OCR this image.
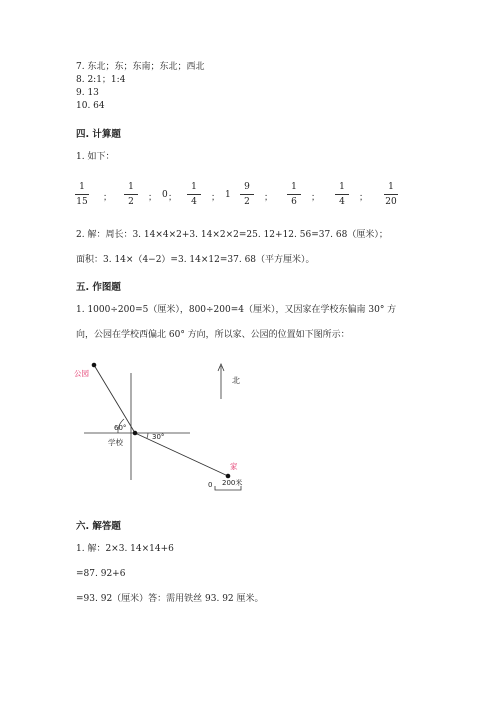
7. 东北；东；东南；东北；西北
8. 2:1；1:4
9. 13
10. 64
四. 计算题
1. 如下：
1
15	；
1
2	； 0 ；
1
4	； 1
9
2	；
1
6	；
1
4	；
1
20
2. 解：周长：3. 14×4×2+3. 14×2×2=25. 12+12. 56=37. 68（厘米）；
面积：3. 14×（4−2）=3. 14×12=37. 68（平方厘米）。
五. 作图题
1. 1000÷200=5（厘米），800÷200=4（厘米），又因家在学校东偏南 30° 方
向，公园在学校西偏北 60° 方向，所以家、公园的位置如下图所示：
公园
60°
30°
学校
家
北
0 200米
六. 解答题
1. 解：2×3. 14×14+6
=87. 92+6
=93. 92（厘米）答：需用铁丝 93. 92 厘米。
